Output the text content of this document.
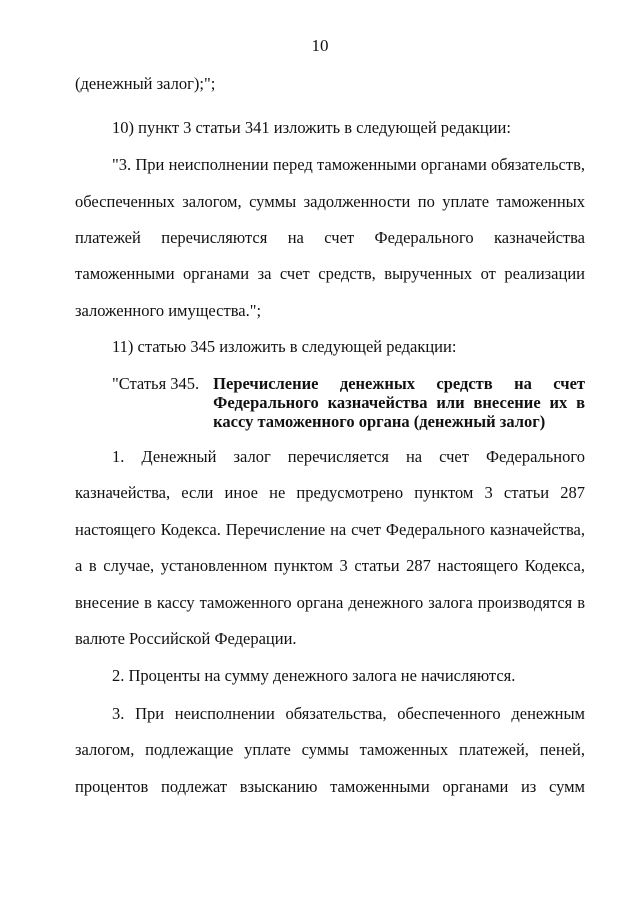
10
(денежный залог);";
10) пункт 3 статьи 341 изложить в следующей редакции:
"3. При неисполнении перед таможенными органами обязательств,
обеспеченных залогом, суммы задолженности по уплате таможенных
платежей перечисляются на счет Федерального казначейства
таможенными органами за счет средств, вырученных от реализации
заложенного имущества.";
11) статью 345 изложить в следующей редакции:
"Статья 345. Перечисление денежных средств на счет
Федерального казначейства или внесение их в
кассу таможенного органа (денежный залог)
1. Денежный залог перечисляется на счет Федерального
казначейства, если иное не предусмотрено пунктом 3 статьи 287
настоящего Кодекса. Перечисление на счет Федерального казначейства,
а в случае, установленном пунктом 3 статьи 287 настоящего Кодекса,
внесение в кассу таможенного органа денежного залога производятся в
валюте Российской Федерации.
2. Проценты на сумму денежного залога не начисляются.
3. При неисполнении обязательства, обеспеченного денежным
залогом, подлежащие уплате суммы таможенных платежей, пеней,
процентов подлежат взысканию таможенными органами из сумм
